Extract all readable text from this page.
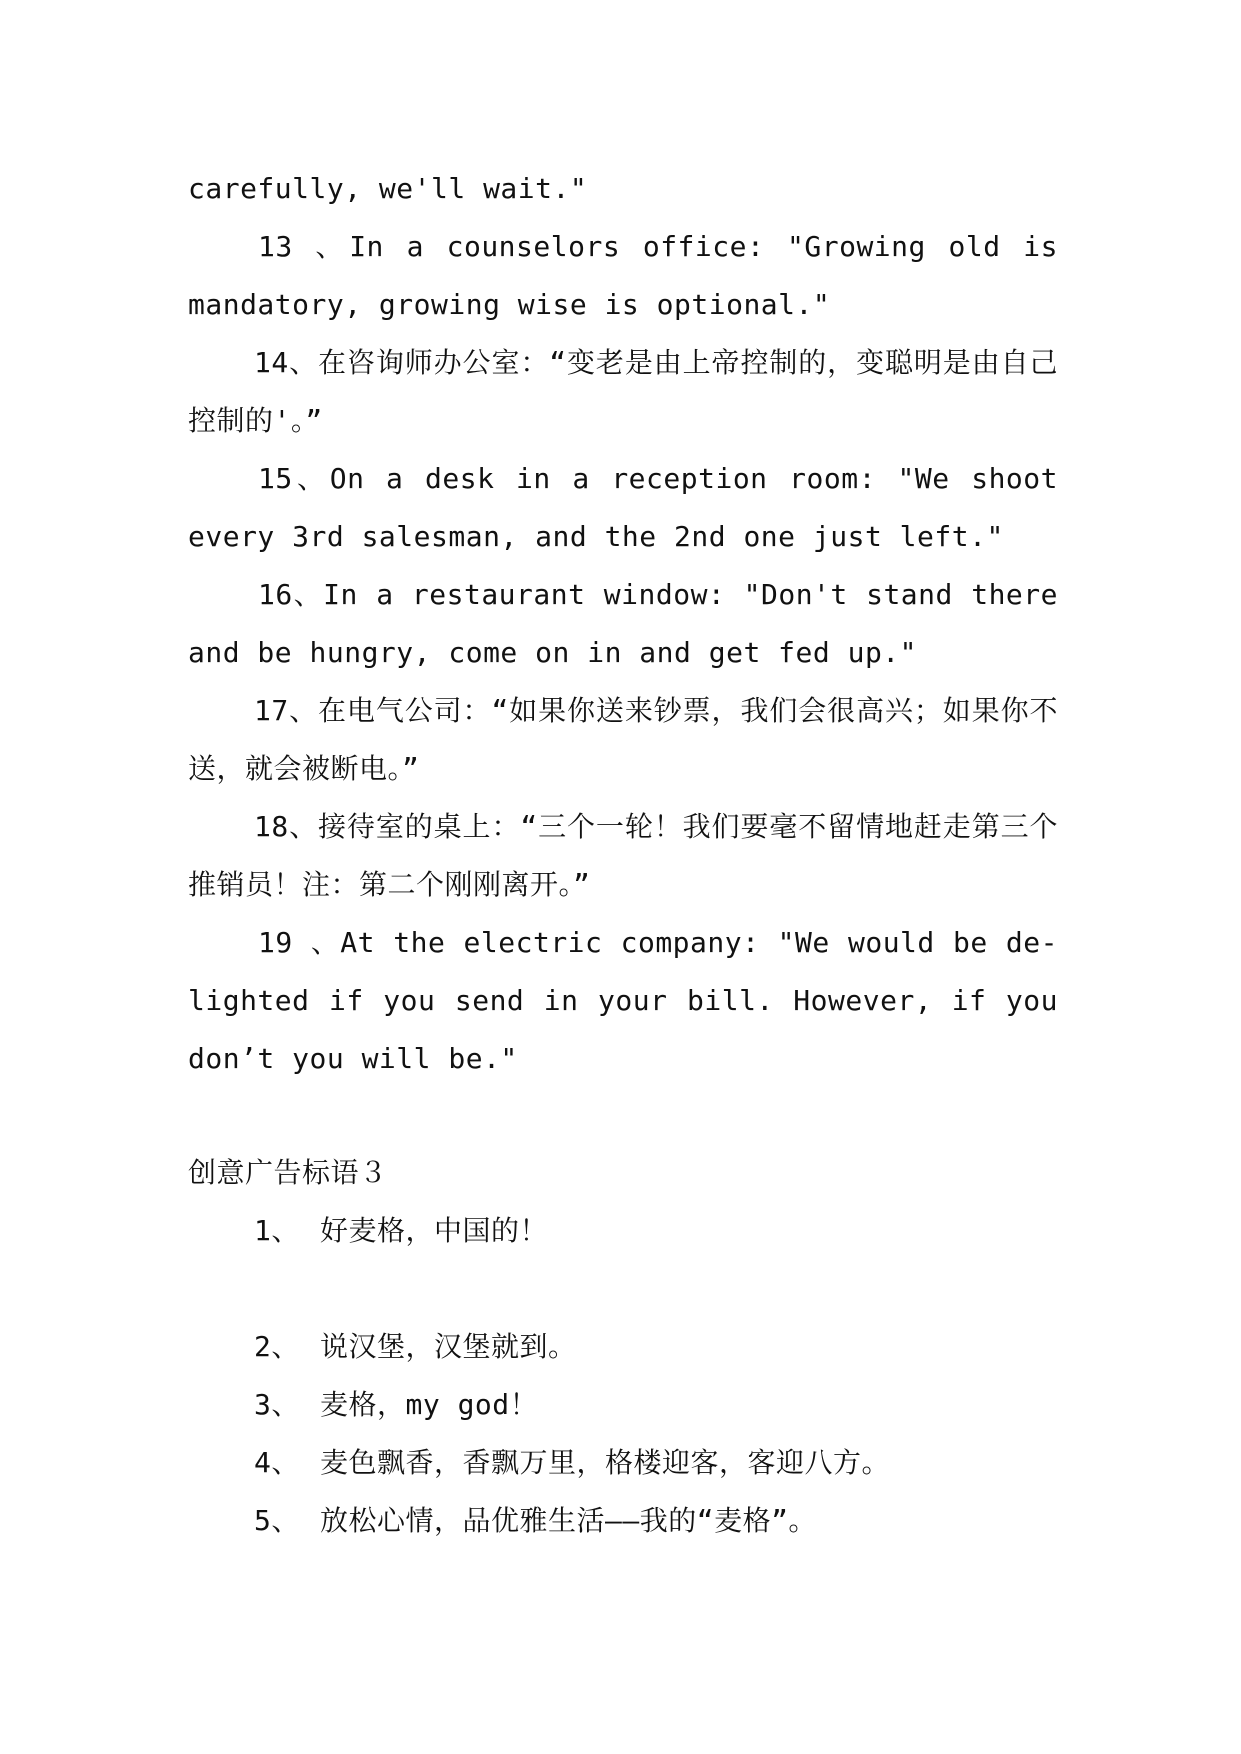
carefully, we'll wait."

13 、In a counselors office: "Growing old is mandatory, growing wise is optional."

14、在咨询师办公室：“变老是由上帝控制的，变聪明是由自己控制的'。”

15、On a desk in a reception room: "We shoot every 3rd salesman, and the 2nd one just left."

16、In a restaurant window: "Don't stand there and be hungry, come on in and get fed up."

17、在电气公司：“如果你送来钞票，我们会很高兴；如果你不送，就会被断电。”

18、接待室的桌上：“三个一轮！我们要毫不留情地赶走第三个推销员！注：第二个刚刚离开。”

19 、At the electric company: "We would be de-lighted if you send in your bill. However, if you don’t you will be."

创意广告标语３

1、 好麦格，中国的！

2、 说汉堡，汉堡就到。

3、 麦格，my god！

4、 麦色飘香，香飘万里，格楼迎客，客迎八方。

5、 放松心情，品优雅生活——我的“麦格”。
